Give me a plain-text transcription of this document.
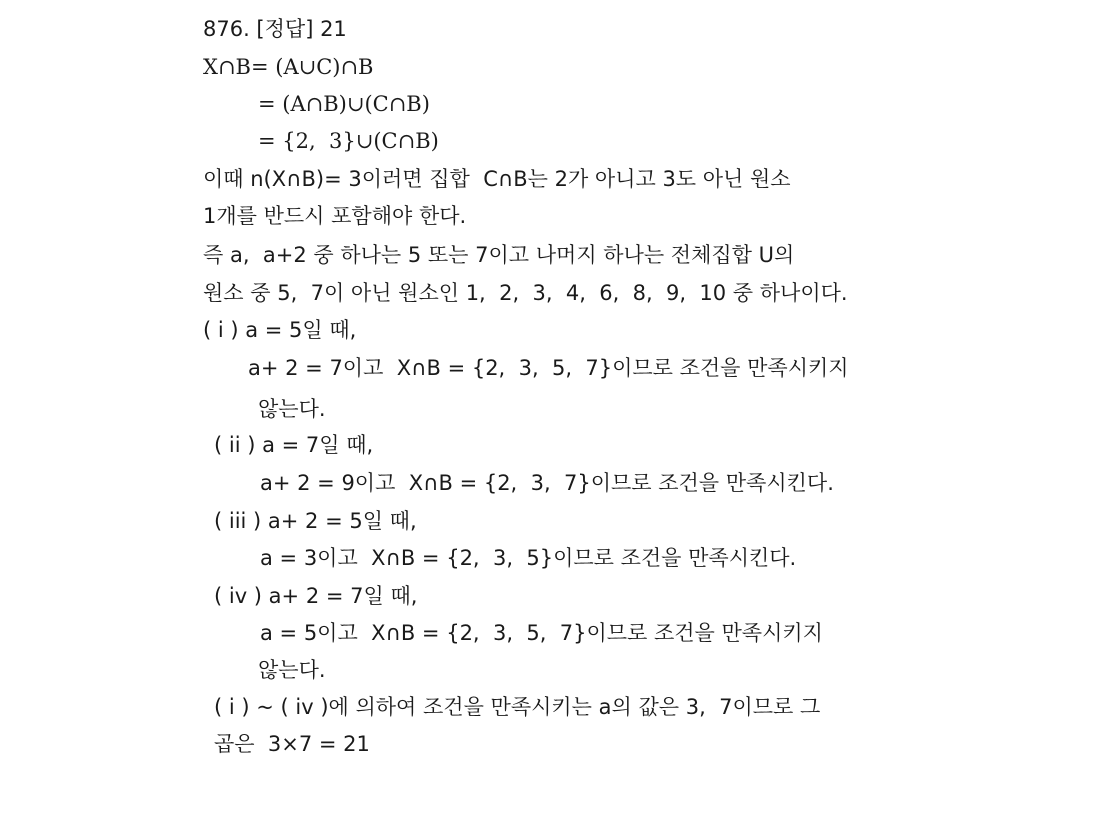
876. [정답] 21
X∩B= (A∪C)∩B
= (A∩B)∪(C∩B)
= {2,  3}∪(C∩B)
이때 n(X∩B)= 3이러면 집합  C∩B는 2가 아니고 3도 아닌 원소
1개를 반드시 포함해야 한다.
즉 a,  a+2 중 하나는 5 또는 7이고 나머지 하나는 전체집합 U의
원소 중 5,  7이 아닌 원소인 1,  2,  3,  4,  6,  8,  9,  10 중 하나이다.
( i ) a = 5일 때,
a+ 2 = 7이고  X∩B = {2,  3,  5,  7}이므로 조건을 만족시키지
않는다.
( ii ) a = 7일 때,
a+ 2 = 9이고  X∩B = {2,  3,  7}이므로 조건을 만족시킨다.
( iii ) a+ 2 = 5일 때,
a = 3이고  X∩B = {2,  3,  5}이므로 조건을 만족시킨다.
( iv ) a+ 2 = 7일 때,
a = 5이고  X∩B = {2,  3,  5,  7}이므로 조건을 만족시키지
않는다.
( i ) ~ ( iv )에 의하여 조건을 만족시키는 a의 값은 3,  7이므로 그
곱은  3×7 = 21
